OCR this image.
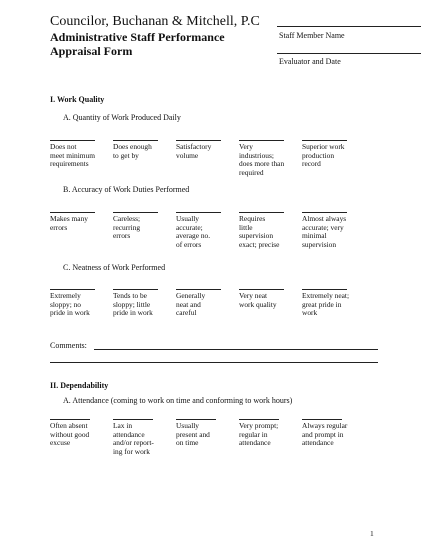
Councilor, Buchanan & Mitchell, P.C
Administrative Staff Performance
Appraisal Form
Staff Member Name
Evaluator and Date
I. Work Quality
A. Quantity of Work Produced Daily
Does not
meet minimum
requirements
Does enough
to get by
Satisfactory
volume
Very
industrious;
does more than
required
Superior work
production
record
B. Accuracy of Work Duties Performed
Makes many
errors
Careless;
recurring
errors
Usually
accurate;
average no.
of errors
Requires
little
supervision
exact; precise
Almost always
accurate; very
minimal
supervision
C. Neatness of Work Performed
Extremely
sloppy; no
pride in work
Tends to be
sloppy; little
pride in work
Generally
neat and
careful
Very neat
work quality
Extremely neat;
great pride in
work
Comments:
II. Dependability
A. Attendance (coming to work on time and conforming to work hours)
Often absent
without good
excuse
Lax in
attendance
and/or report-
ing for work
Usually
present and
on time
Very prompt;
regular in
attendance
Always regular
and prompt in
attendance
1
